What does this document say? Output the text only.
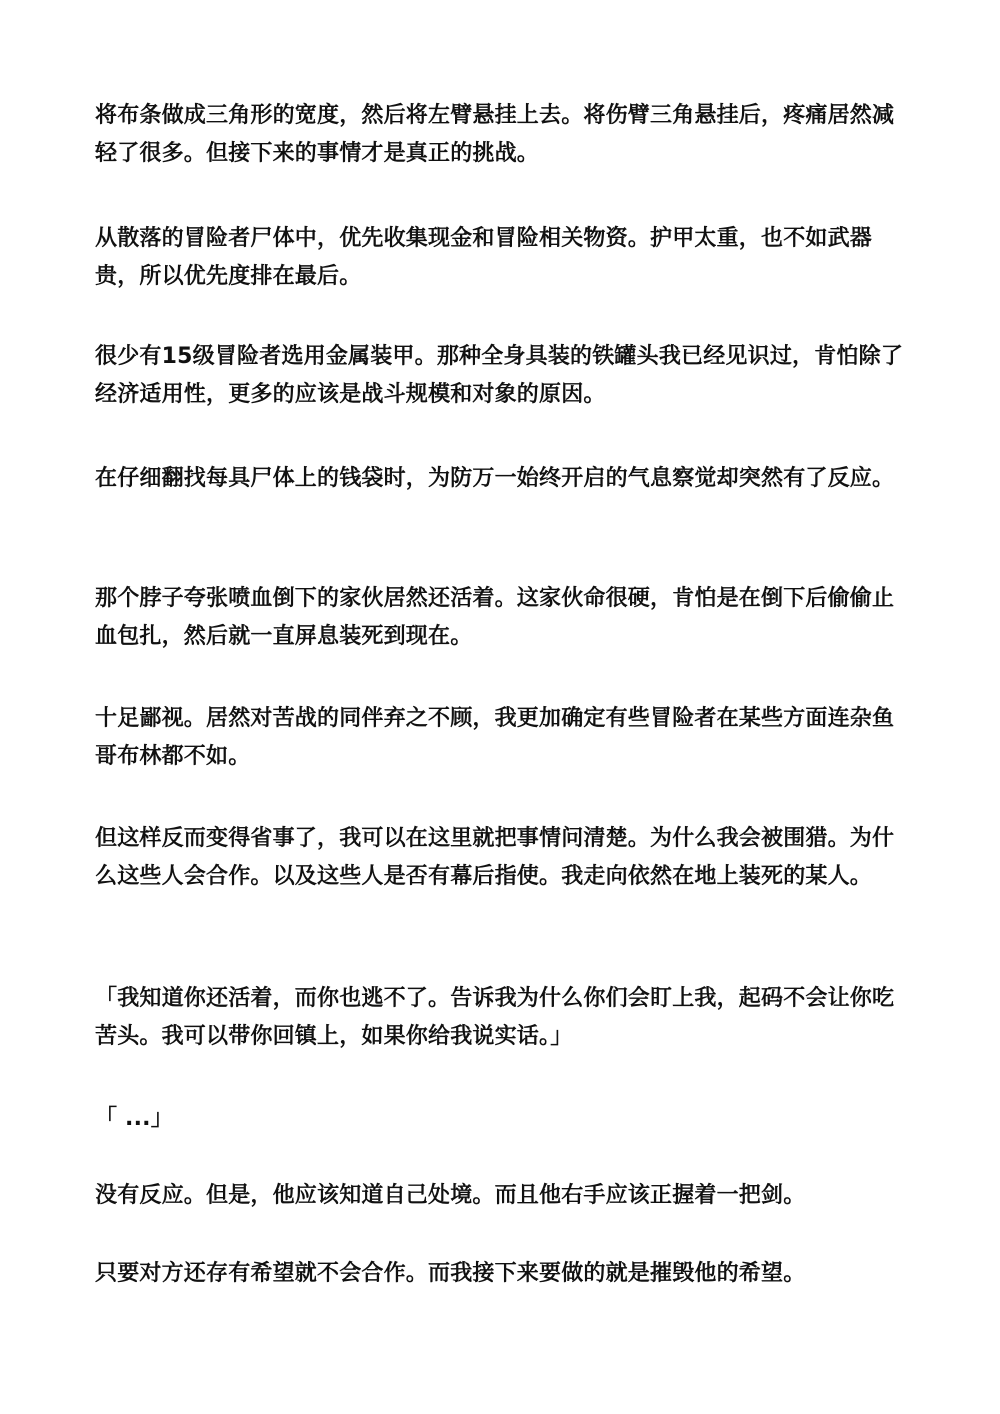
将布条做成三角形的宽度，然后将左臂悬挂上去。将伤臂三角悬挂后，疼痛居然减轻了很多。但接下来的事情才是真正的挑战。

从散落的冒险者尸体中，优先收集现金和冒险相关物资。护甲太重，也不如武器贵，所以优先度排在最后。

很少有15级冒险者选用金属装甲。那种全身具装的铁罐头我已经见识过，肯怕除了经济适用性，更多的应该是战斗规模和对象的原因。

在仔细翻找每具尸体上的钱袋时，为防万一始终开启的气息察觉却突然有了反应。

那个脖子夸张喷血倒下的家伙居然还活着。这家伙命很硬，肯怕是在倒下后偷偷止血包扎，然后就一直屏息装死到现在。

十足鄙视。居然对苦战的同伴弃之不顾，我更加确定有些冒险者在某些方面连杂鱼哥布林都不如。

但这样反而变得省事了，我可以在这里就把事情问清楚。为什么我会被围猎。为什么这些人会合作。以及这些人是否有幕后指使。我走向依然在地上装死的某人。

「我知道你还活着，而你也逃不了。告诉我为什么你们会盯上我，起码不会让你吃苦头。我可以带你回镇上，如果你给我说实话。」

「 ...」

没有反应。但是，他应该知道自己处境。而且他右手应该正握着一把剑。

只要对方还存有希望就不会合作。而我接下来要做的就是摧毁他的希望。
